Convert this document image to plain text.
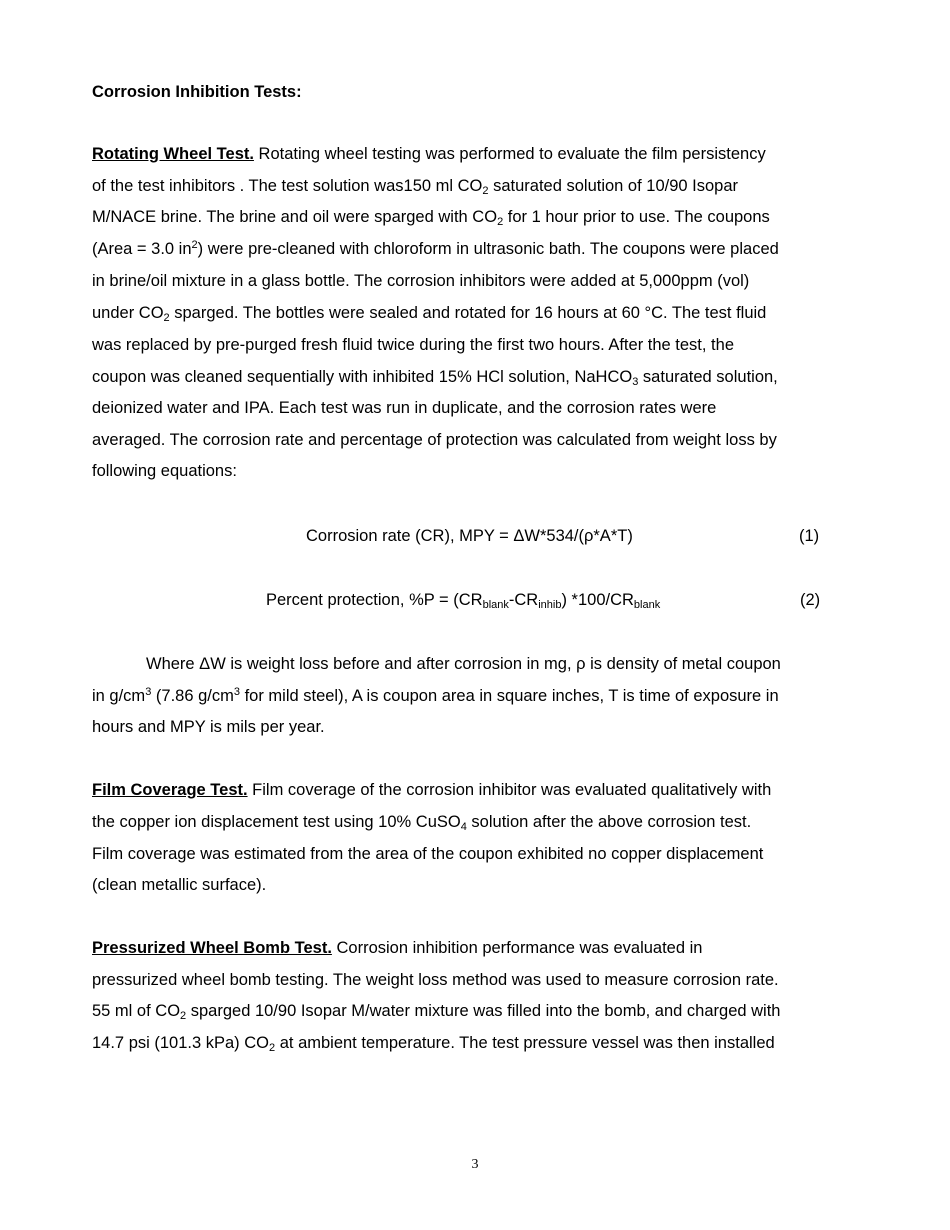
Corrosion Inhibition Tests:
Rotating Wheel Test. Rotating wheel testing was performed to evaluate the film persistency
of the test inhibitors . The test solution was150 ml $CO_2$ saturated solution of 10/90 Isopar
M/NACE brine. The brine and oil were sparged with $CO_2$ for 1 hour prior to use. The coupons
(Area = 3.0 $in^2$) were pre-cleaned with chloroform in ultrasonic bath. The coupons were placed
in brine/oil mixture in a glass bottle. The corrosion inhibitors were added at 5,000ppm (vol)
under $CO_2$ sparged. The bottles were sealed and rotated for 16 hours at 60 °C. The test fluid
was replaced by pre-purged fresh fluid twice during the first two hours. After the test, the
coupon was cleaned sequentially with inhibited 15% HCl solution, NaHCO$_3$ saturated solution,
deionized water and IPA. Each test was run in duplicate, and the corrosion rates were
averaged. The corrosion rate and percentage of protection was calculated from weight loss by
following equations:
Corrosion rate (CR), MPY = ΔW*534/(ρ*A*T)	(1)
Percent protection, $\%P = (CR_{blank}-CR_{inhib})$ $*100/CR_{blank}$	(2)
Where ΔW is weight loss before and after corrosion in mg, ρ is density of metal coupon
in $g/cm^3$ (7.86 $g/cm^3$ for mild steel), A is coupon area in square inches, T is time of exposure in
hours and MPY is mils per year.
Film Coverage Test. Film coverage of the corrosion inhibitor was evaluated qualitatively with
the copper ion displacement test using 10% CuSO$_4$ solution after the above corrosion test.
Film coverage was estimated from the area of the coupon exhibited no copper displacement
(clean metallic surface).
Pressurized Wheel Bomb Test. Corrosion inhibition performance was evaluated in
pressurized wheel bomb testing. The weight loss method was used to measure corrosion rate.
55 ml of $CO_2$ sparged 10/90 Isopar M/water mixture was filled into the bomb, and charged with
14.7 psi (101.3 kPa) $CO_2$ at ambient temperature. The test pressure vessel was then installed
3
